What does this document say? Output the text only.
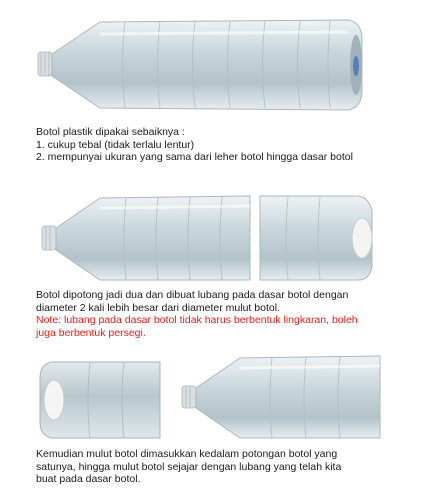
Botol plastik dipakai sebaiknya :
1. cukup tebal (tidak terlalu lentur)
2. mempunyai ukuran yang sama dari leher botol hingga dasar botol
Botol dipotong jadi dua dan dibuat lubang pada dasar botol dengan
diameter 2 kali lebih besar dari diameter mulut botol.
Note: lubang pada dasar botol tidak harus berbentuk lingkaran, boleh
juga berbentuk persegi.
Kemudian mulut botol dimasukkan kedalam potongan botol yang
satunya, hingga mulut botol sejajar dengan lubang yang telah kita
buat pada dasar botol.
